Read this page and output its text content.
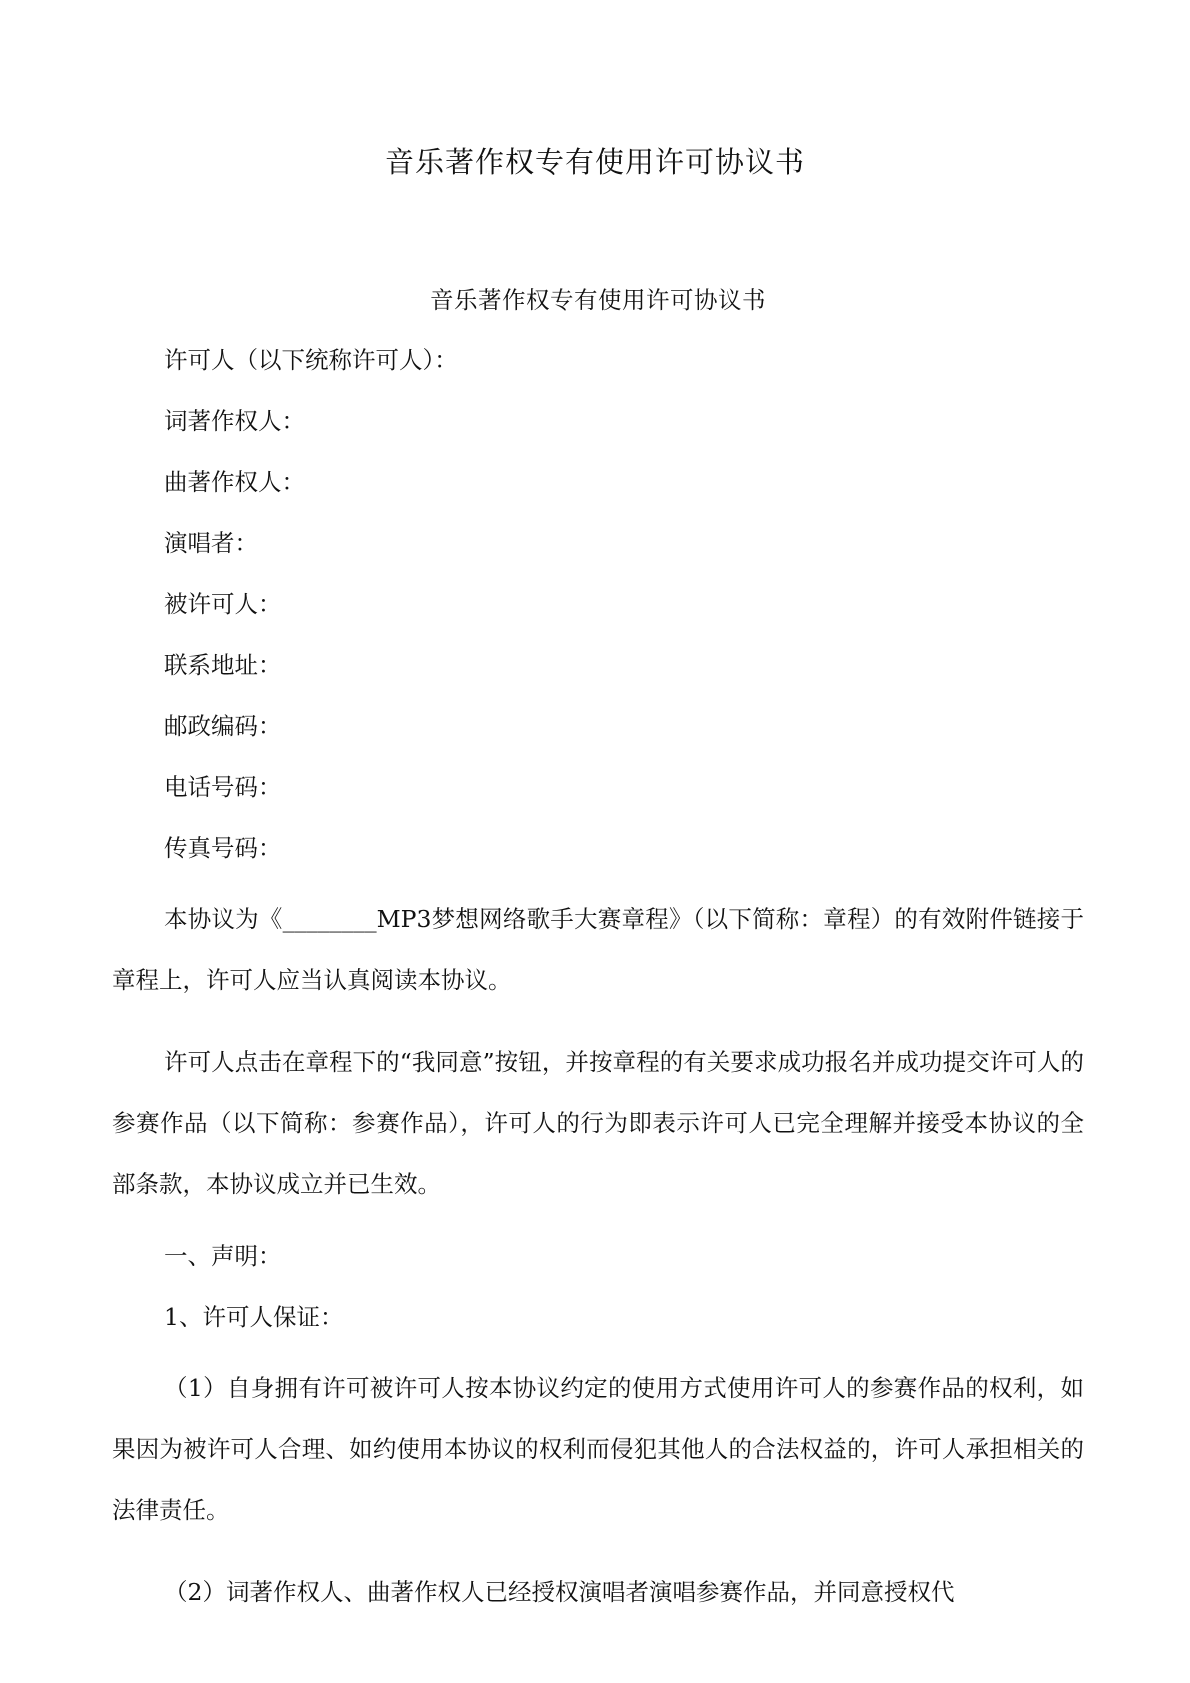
音乐著作权专有使用许可协议书

音乐著作权专有使用许可协议书

许可人（以下统称许可人）：

词著作权人：

曲著作权人：

演唱者：

被许可人：

联系地址：

邮政编码：

电话号码：

传真号码：

本协议为《________MP3梦想网络歌手大赛章程》（以下简称：章程）的有效附件链接于章程上，许可人应当认真阅读本协议。

许可人点击在章程下的“我同意”按钮，并按章程的有关要求成功报名并成功提交许可人的参赛作品（以下简称：参赛作品），许可人的行为即表示许可人已完全理解并接受本协议的全部条款，本协议成立并已生效。

一、声明：

1、许可人保证：

（1）自身拥有许可被许可人按本协议约定的使用方式使用许可人的参赛作品的权利，如果因为被许可人合理、如约使用本协议的权利而侵犯其他人的合法权益的，许可人承担相关的法律责任。

（2）词著作权人、曲著作权人已经授权演唱者演唱参赛作品，并同意授权代
